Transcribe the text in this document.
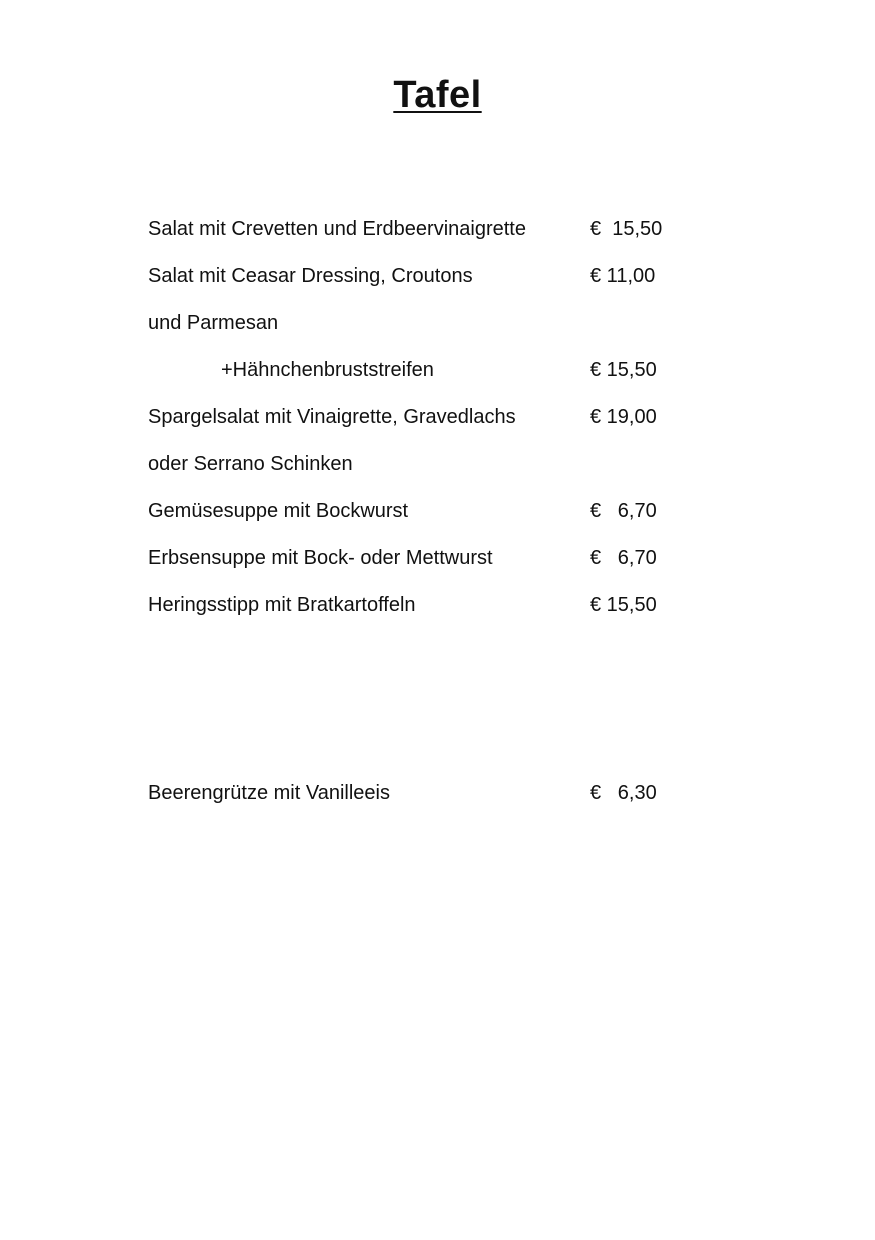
Tafel
Salat mit Crevetten und Erdbeervinaigrette	€  15,50
Salat mit Ceasar Dressing, Croutons	€ 11,00
und Parmesan
+Hähnchenbruststreifen	€ 15,50
Spargelsalat mit Vinaigrette, Gravedlachs	€ 19,00
oder Serrano Schinken
Gemüsesuppe mit Bockwurst	€   6,70
Erbsensuppe mit Bock- oder Mettwurst	€   6,70
Heringsstipp mit Bratkartoffeln	€ 15,50
Beerengrütze mit Vanilleeis	€   6,30
